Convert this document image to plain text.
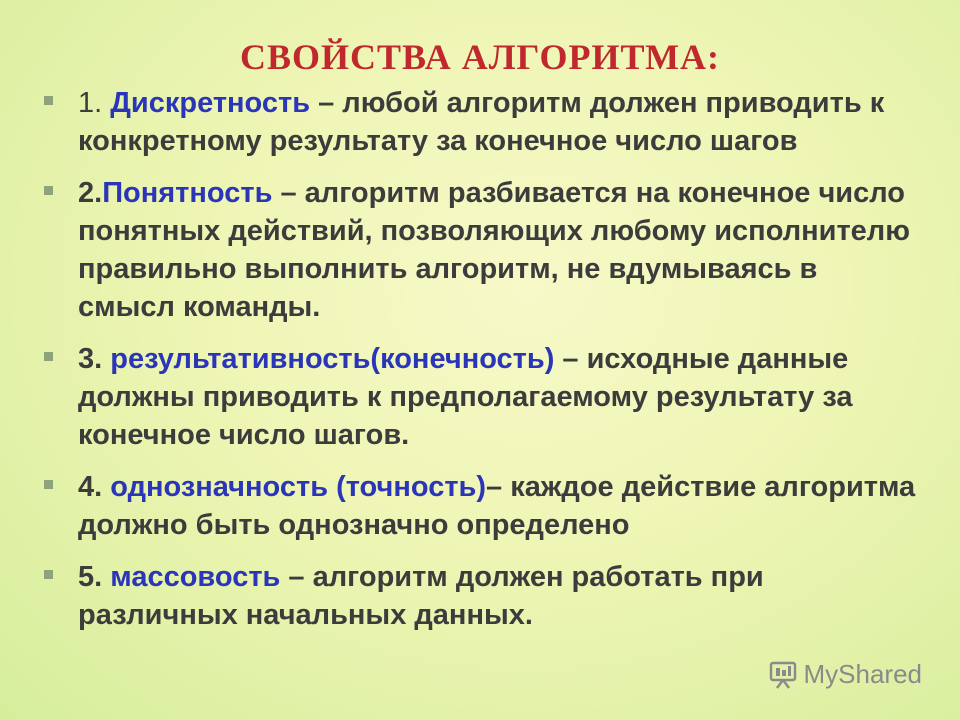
СВОЙСТВА АЛГОРИТМА:
1. Дискретность – любой алгоритм должен приводить к конкретному результату за конечное число шагов
2.Понятность – алгоритм разбивается на конечное число понятных действий, позволяющих любому исполнителю правильно выполнить алгоритм, не вдумываясь в смысл команды.
3. результативность(конечность) – исходные данные должны приводить к предполагаемому результату за конечное число шагов.
4. однозначность (точность)– каждое действие алгоритма должно быть однозначно определено
5. массовость – алгоритм должен работать при различных начальных данных.
MyShared
